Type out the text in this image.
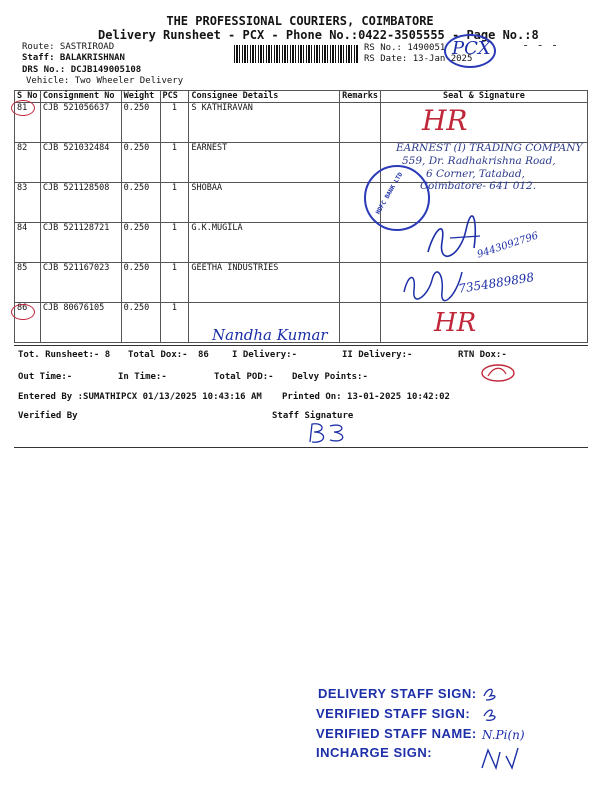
THE PROFESSIONAL COURIERS, COIMBATORE
Delivery Runsheet - PCX - Phone No.:0422-3505555 - Page No.:8
Route: SASTRIROAD
Staff: BALAKRISHNAN
DRS No.: DCJB149005108
Vehicle: Two Wheeler Delivery
RS No.: 1490051
RS Date: 13-Jan-2025
PCX	- - -
S No	Consignment No	Weight	PCS	Consignee Details	Remarks	Seal & Signature
81	CJB 521056637	0.250	1	S KATHIRAVAN		
82	CJB 521032484	0.250	1	EARNEST		
83	CJB 521128508	0.250	1	SHOBAA		
84	CJB 521128721	0.250	1	G.K.MUGILA		
85	CJB 521167023	0.250	1	GEETHA INDUSTRIES		
86	CJB 80676105	0.250	1			
HR
HDFC BANK LTD
EARNEST (I) TRADING COMPANY
559, Dr. Radhakrishna Road,
6 Corner, Tatabad,
Coimbatore- 641 012.
9443092796
7354889898
HR
Nandha Kumar
Tot. Runsheet:- 8 Total Dox:- 86	I Delivery:-	II Delivery:-	RTN Dox:-
Out Time:-	In Time:-	Total POD:- Delvy Points:-
Entered By :SUMATHIPCX 01/13/2025 10:43:16 AM Printed On: 13-01-2025 10:42:02
Verified By	Staff Signature
DELIVERY STAFF SIGN:
VERIFIED STAFF SIGN:
VERIFIED STAFF NAME: N.Pi(n)
INCHARGE SIGN:
